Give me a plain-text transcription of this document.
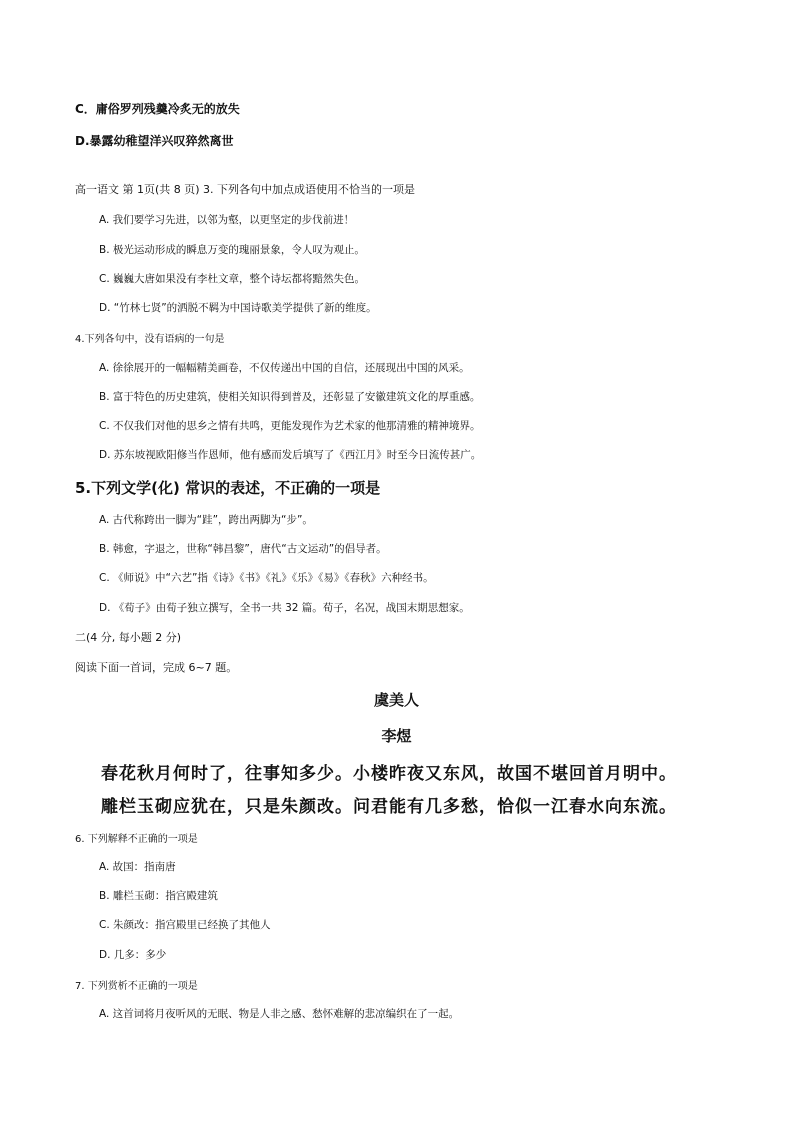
C．庸俗罗列残羹冷炙无的放失
D.暴露幼稚望洋兴叹猝然离世
高一语文 第 1页(共 8 页) 3. 下列各句中加点成语使用不恰当的一项是
A. 我们要学习先进，以邻为壑，以更坚定的步伐前进！
B. 极光运动形成的瞬息万变的瑰丽景象，令人叹为观止。
C. 巍巍大唐如果没有李杜文章，整个诗坛都将黯然失色。
D. “竹林七贤”的洒脱不羁为中国诗歌美学提供了新的维度。
4.下列各句中，没有语病的一句是
A. 徐徐展开的一幅幅精美画卷，不仅传递出中国的自信，还展现出中国的风采。
B. 富于特色的历史建筑，使相关知识得到普及，还彰显了安徽建筑文化的厚重感。
C. 不仅我们对他的思乡之情有共鸣，更能发现作为艺术家的他那清雅的精神境界。
D. 苏东坡视欧阳修当作恩师，他有感而发后填写了《西江月》时至今日流传甚广。
5.下列文学(化) 常识的表述，不正确的一项是
A. 古代称跨出一脚为“跬”，跨出两脚为“步”。
B. 韩愈，字退之，世称“韩昌黎”，唐代“古文运动”的倡导者。
C. 《师说》中“六艺”指《诗》《书》《礼》《乐》《易》《春秋》六种经书。
D. 《荀子》由荀子独立撰写，全书一共 32 篇。荀子，名况，战国末期思想家。
二(4 分, 每小题 2 分)
阅读下面一首词，完成 6~7 题。
虞美人
李煜
春花秋月何时了，往事知多少。小楼昨夜又东风，故国不堪回首月明中。
雕栏玉砌应犹在，只是朱颜改。问君能有几多愁，恰似一江春水向东流。
6. 下列解释不正确的一项是
A. 故国：指南唐
B. 雕栏玉砌：指宫殿建筑
C. 朱颜改：指宫殿里已经换了其他人
D. 几多：多少
7. 下列赏析不正确的一项是
A. 这首词将月夜听风的无眠、物是人非之感、愁怀难解的悲凉编织在了一起。
